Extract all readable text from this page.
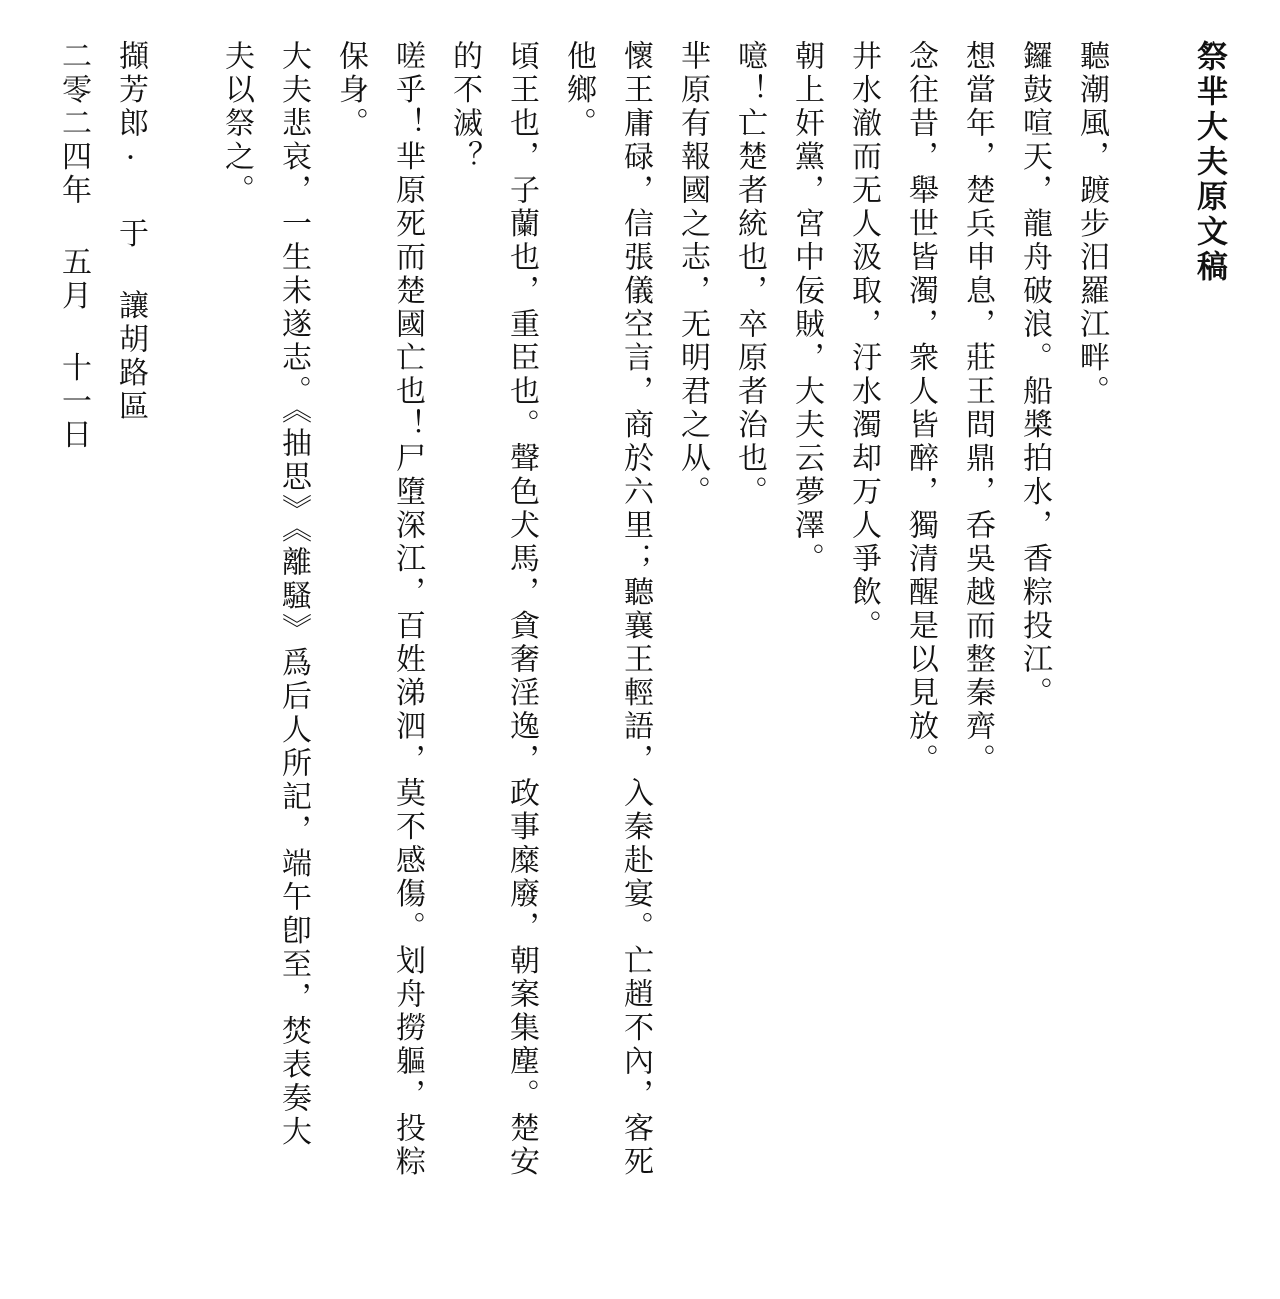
祭芈大夫原文稿
聽潮風，踱步汨羅江畔。
鑼鼓喧天，龍舟破浪。船槳拍水，香粽投江。
想當年，楚兵申息，莊王問鼎，呑吳越而整秦齊。
念往昔，舉世皆濁，衆人皆醉，獨清醒是以見放。
井水澈而无人汲取，汙水濁却万人爭飲。
朝上奸黨，宮中佞賊，大夫云夢澤。
噫！亡楚者統也，卒原者治也。
芈原有報國之志，无明君之从。
懷王庸碌，信張儀空言，商於六里；聽襄王輕語，入秦赴宴。亡趙不內，客死
他鄉。
頃王也，子蘭也，重臣也。聲色犬馬，貪奢淫逸，政事糜廢，朝案集塵。楚安
的不滅？
嗟乎！芈原死而楚國亡也！尸墮深江，百姓涕泗，莫不感傷。划舟撈軀，投粽
保身。
大夫悲哀，一生未遂志。《抽思》《離騷》爲后人所記，端午卽至，焚表奏大
夫以祭之。
擷芳郎· 于 讓胡路區
二零二四年 五月 十一日
